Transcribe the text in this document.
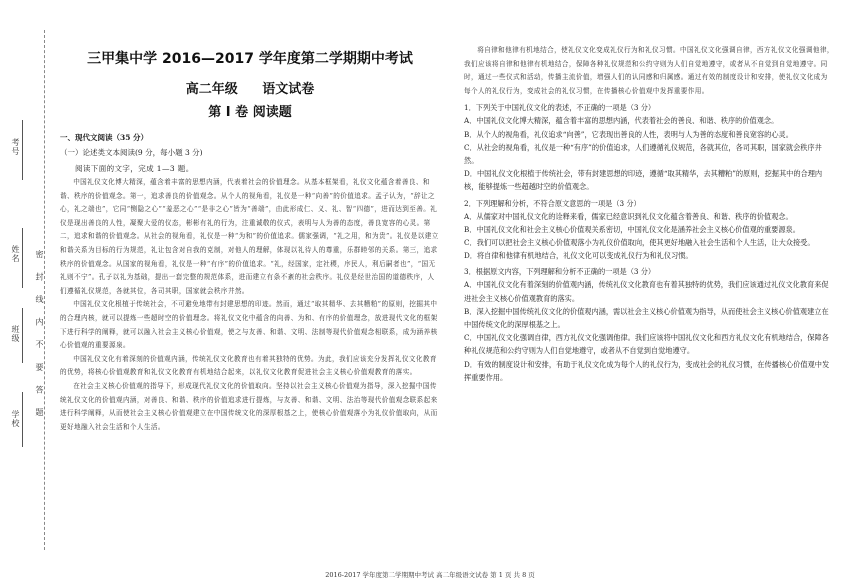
考号
姓名
班级
学校 密 封 线 内 不 要 答 题
三甲集中学 2016—2017 学年度第二学期期中考试
高二年级 语文试卷
第 Ⅰ 卷 阅读题
一、现代文阅读（35 分）
（一）论述类文本阅读(9 分，每小题 3 分)

阅读下面的文字，完成 1—3 题。

中国礼仪文化博大精深，蕴含着丰富的思想内涵，代表着社会的价值理念。从基本框架看，礼仪文化蕴含着善良、和谐、秩序的价值观念。第一，追求善良的价值观念。从个人的视角看，礼仪是一种“向善”的价值追求。孟子认为，“辞让之心，礼之端也”，它同“恻隐之心”“羞恶之心”“是非之心”皆为“善端”，由此形成仁、义、礼、智“四德”，进而达到至善。礼仪是现出善良的人性，凝聚大爱的仪态，彬彬有礼的行为，注重诚敬的仪式，表明与人为善的态度，善良宽容的心灵。第二，追求和谐的价值观念。从社会的视角看，礼仪是一种“为和”的价值追求。儒家强调，“礼之用，和为贵”。礼仪是以建立和谐关系为目标的行为规范，礼让包含对自我的克制，对他人的理解，体现以礼待人的尊重，乐群睦邻的关系。第三，追求秩序的价值观念。从国家的视角看，礼仪是一种“有序”的价值追求。“礼，经国家，定社稷，序民人，利后嗣者也”，“国无礼则不宁”。孔子以礼为基础，提出一套完整的规范体系，进而建立有条不紊的社会秩序。礼仪是经世治国的道德秩序，人们遵循礼仪规范，各就其位，各司其职，国家就会秩序井然。

中国礼仪文化根植于传统社会，不可避免地带有封建思想的印迹。然而，通过“取其精华、去其糟粕”的原则，挖掘其中的合理内核，就可以提炼一些超时空的价值理念。将礼仪文化中蕴含的向善、为和、有序的价值理念，放进现代文化的框架下进行科学的阐释，就可以融入社会主义核心价值观，使之与友善、和谐、文明、法制等现代价值观念相联系，成为涵养核心价值观的重要源泉。

中国礼仪文化有着深刻的价值观内涵，传统礼仪文化教育也有着其独特的优势。为此，我们应该充分发挥礼仪文化教育的优势，将核心价值观教育和礼仪文化教育有机地结合起来，以礼仪文化教育促进社会主义核心价值观教育的落实。

在社会主义核心价值观的指导下，形成现代礼仪文化的价值取向。坚持以社会主义核心价值观为指导，深入挖掘中国传统礼仪文化的价值观内涵，对善良、和谐、秩序的价值追求进行提炼，与友善、和谐、文明、法治等现代价值观念联系起来进行科学阐释，从而使社会主义核心价值观建立在中国传统文化的深厚根基之上，使核心价值观落小为礼仪价值取向，从而更好地融入社会生活和个人生活。

将自律和他律有机地结合，使礼仪文化变成礼仪行为和礼仪习惯。中国礼仪文化强调自律，西方礼仪文化强调他律，我们应该将自律和他律有机地结合，保障各种礼仪规范和公约守则为人们自觉地遵守，或者从不自觉到自觉地遵守。同时，通过一些仪式和活动，传播主流价值，增强人们的认同感和归属感。通过有效的制度设计和安排，使礼仪文化成为每个人的礼仪行为，变成社会的礼仪习惯，在传播核心价值观中发挥重要作用。

1．下列关于中国礼仪文化的表述，不正确的一项是（3 分）
A．中国礼仪文化博大精深，蕴含着丰富的思想内涵，代表着社会的善良、和谐、秩序的价值观念。
B．从个人的视角看，礼仪追求“向善”，它表现出善良的人性，表明与人为善的态度和善良宽容的心灵。
C．从社会的视角看，礼仪是一种“有序”的价值追求，人们遵循礼仪规范，各就其位，各司其职，国家就会秩序井然。
D．中国礼仪文化根植于传统社会，带有封建思想的印迹，遵循“取其精华，去其糟粕”的原则，挖掘其中的合理内核，能够提炼一些超越时空的价值观念。
2．下列理解和分析，不符合原文意思的一项是（3 分）
A．从儒家对中国礼仪文化的诠释来看，儒家已经意识到礼仪文化蕴含着善良、和谐、秩序的价值观念。
B．中国礼仪文化和社会主义核心价值观关系密切，中国礼仪文化是涵养社会主义核心价值观的重要源泉。
C．我们可以把社会主义核心价值观落小为礼仪价值取向，使其更好地融入社会生活和个人生活，让大众接受。
D．将自律和他律有机地结合，礼仪文化可以变成礼仪行为和礼仪习惯。
3．根据原文内容，下列理解和分析不正确的一项是（3 分）
A．中国礼仪文化有着深刻的价值观内涵，传统礼仪文化教育也有着其独特的优势，我们应该通过礼仪文化教育来促进社会主义核心价值观教育的落实。
B．深入挖掘中国传统礼仪文化的价值观内涵，需以社会主义核心价值观为指导，从而使社会主义核心价值观建立在中国传统文化的深厚根基之上。
C．中国礼仪文化强调自律，西方礼仪文化强调他律。我们应该将中国礼仪文化和西方礼仪文化有机地结合，保障各种礼仪规范和公约守则为人们自觉地遵守，或者从不自觉到自觉地遵守。
D．有效的制度设计和安排，有助于礼仪文化成为每个人的礼仪行为，变成社会的礼仪习惯，在传播核心价值观中发挥重要作用。
2016-2017 学年度第二学期期中考试 高二年级语文试卷 第 1 页 共 8 页
